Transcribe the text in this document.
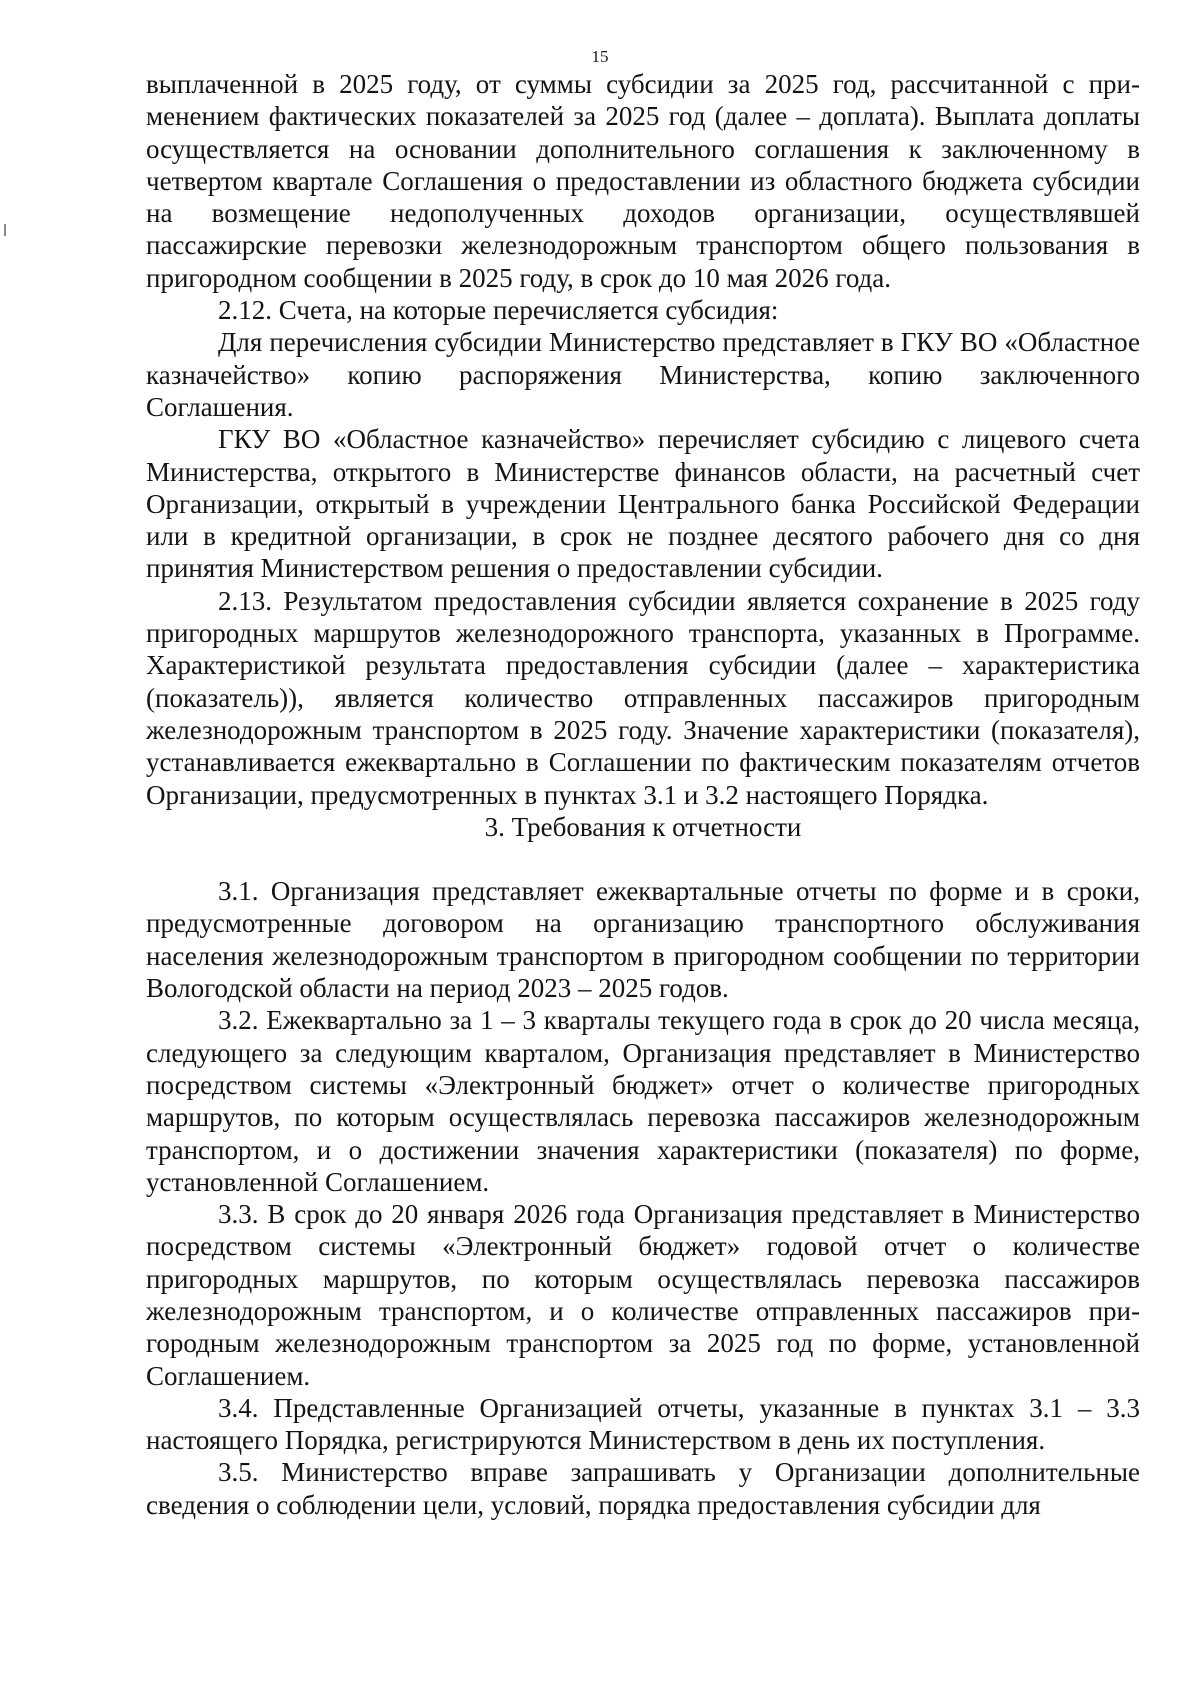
15

выплаченной в 2025 году, от суммы субсидии за 2025 год, рассчитанной с применением фактических показателей за 2025 год (далее – доплата). Выплата доплаты осуществляется на основании дополнительного соглашения к заключенному в четвертом квартале Соглашения о предоставлении из областного бюджета субсидии на возмещение недополученных доходов организации, осуществлявшей пассажирские перевозки железнодорожным транспортом общего пользования в пригородном сообщении в 2025 году, в срок до 10 мая 2026 года.

2.12. Счета, на которые перечисляется субсидия:

Для перечисления субсидии Министерство представляет в ГКУ ВО «Областное казначейство» копию распоряжения Министерства, копию заключенного Соглашения.

ГКУ ВО «Областное казначейство» перечисляет субсидию с лицевого счета Министерства, открытого в Министерстве финансов области, на расчетный счет Организации, открытый в учреждении Центрального банка Российской Федерации или в кредитной организации, в срок не позднее десятого рабочего дня со дня принятия Министерством решения о предоставлении субсидии.

2.13. Результатом предоставления субсидии является сохранение в 2025 году пригородных маршрутов железнодорожного транспорта, указанных в Программе. Характеристикой результата предоставления субсидии (далее – характеристика (показатель)), является количество отправленных пассажиров пригородным железнодорожным транспортом в 2025 году. Значение характеристики (показателя), устанавливается ежеквартально в Соглашении по фактическим показателям отчетов Организации, предусмотренных в пунктах 3.1 и 3.2 настоящего Порядка.

3. Требования к отчетности

3.1. Организация представляет ежеквартальные отчеты по форме и в сроки, предусмотренные договором на организацию транспортного обслуживания населения железнодорожным транспортом в пригородном сообщении по территории Вологодской области на период 2023 – 2025 годов.

3.2. Ежеквартально за 1 – 3 кварталы текущего года в срок до 20 числа месяца, следующего за следующим кварталом, Организация представляет в Министерство посредством системы «Электронный бюджет» отчет о количестве пригородных маршрутов, по которым осуществлялась перевозка пассажиров железнодорожным транспортом, и о достижении значения характеристики (показателя) по форме, установленной Соглашением.

3.3. В срок до 20 января 2026 года Организация представляет в Министерство посредством системы «Электронный бюджет» годовой отчет о количестве пригородных маршрутов, по которым осуществлялась перевозка пассажиров железнодорожным транспортом, и о количестве отправленных пассажиров пригородным железнодорожным транспортом за 2025 год по форме, установленной Соглашением.

3.4. Представленные Организацией отчеты, указанные в пунктах 3.1 – 3.3 настоящего Порядка, регистрируются Министерством в день их поступления.

3.5. Министерство вправе запрашивать у Организации дополнительные сведения о соблюдении цели, условий, порядка предоставления субсидии для
